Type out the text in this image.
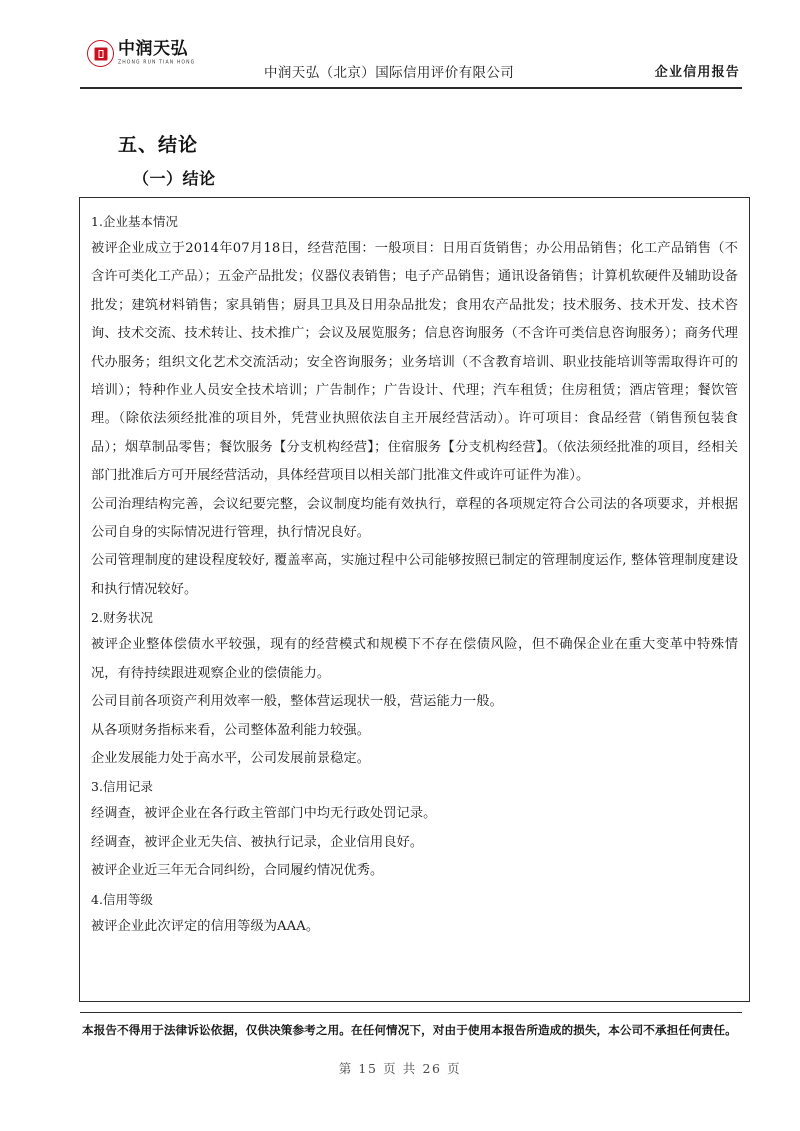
中润天弘
ZHONG RUN TIAN HONG
中润天弘（北京）国际信用评价有限公司	企业信用报告
五、结论
（一）结论

1.企业基本情况

被评企业成立于2014年07月18日，经营范围：一般项目：日用百货销售；办公用品销售；化工产品销售（不含许可类化工产品）；五金产品批发；仪器仪表销售；电子产品销售；通讯设备销售；计算机软硬件及辅助设备批发；建筑材料销售；家具销售；厨具卫具及日用杂品批发；食用农产品批发；技术服务、技术开发、技术咨询、技术交流、技术转让、技术推广；会议及展览服务；信息咨询服务（不含许可类信息咨询服务）；商务代理代办服务；组织文化艺术交流活动；安全咨询服务；业务培训（不含教育培训、职业技能培训等需取得许可的培训）；特种作业人员安全技术培训；广告制作；广告设计、代理；汽车租赁；住房租赁；酒店管理；餐饮管理。（除依法须经批准的项目外，凭营业执照依法自主开展经营活动）。许可项目：食品经营（销售预包装食品）；烟草制品零售；餐饮服务【分支机构经营】；住宿服务【分支机构经营】。（依法须经批准的项目，经相关部门批准后方可开展经营活动，具体经营项目以相关部门批准文件或许可证件为准）。

公司治理结构完善，会议纪要完整，会议制度均能有效执行，章程的各项规定符合公司法的各项要求，并根据公司自身的实际情况进行管理，执行情况良好。

公司管理制度的建设程度较好, 覆盖率高，实施过程中公司能够按照已制定的管理制度运作, 整体管理制度建设和执行情况较好。

2.财务状况

被评企业整体偿债水平较强，现有的经营模式和规模下不存在偿债风险，但不确保企业在重大变革中特殊情况，有待持续跟进观察企业的偿债能力。

公司目前各项资产利用效率一般，整体营运现状一般，营运能力一般。

从各项财务指标来看，公司整体盈利能力较强。

企业发展能力处于高水平，公司发展前景稳定。

3.信用记录

经调查，被评企业在各行政主管部门中均无行政处罚记录。

经调查，被评企业无失信、被执行记录，企业信用良好。

被评企业近三年无合同纠纷，合同履约情况优秀。

4.信用等级

被评企业此次评定的信用等级为AAA。

本报告不得用于法律诉讼依据，仅供决策参考之用。在任何情况下，对由于使用本报告所造成的损失，本公司不承担任何责任。
第 15 页 共 26 页
